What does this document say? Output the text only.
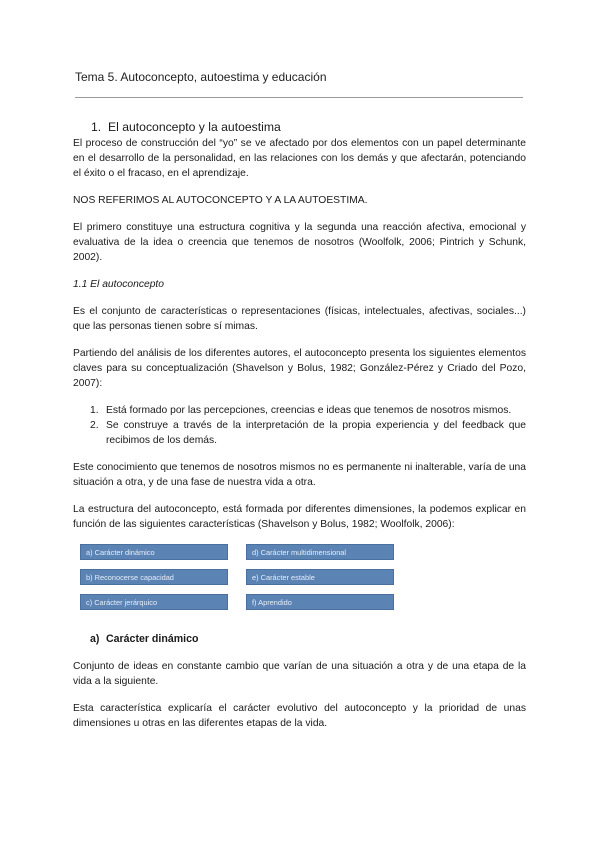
Tema 5. Autoconcepto, autoestima y educación
1. El autoconcepto y la autoestima

El proceso de construcción del “yo” se ve afectado por dos elementos con un papel determinante en el desarrollo de la personalidad, en las relaciones con los demás y que afectarán, potenciando el éxito o el fracaso, en el aprendizaje.

NOS REFERIMOS AL AUTOCONCEPTO Y A LA AUTOESTIMA.

El primero constituye una estructura cognitiva y la segunda una reacción afectiva, emocional y evaluativa de la idea o creencia que tenemos de nosotros (Woolfolk, 2006; Pintrich y Schunk, 2002).

1.1 El autoconcepto

Es el conjunto de características o representaciones (físicas, intelectuales, afectivas, sociales...) que las personas tienen sobre sí mimas.

Partiendo del análisis de los diferentes autores, el autoconcepto presenta los siguientes elementos claves para su conceptualización (Shavelson y Bolus, 1982; González-Pérez y Criado del Pozo, 2007):

1. Está formado por las percepciones, creencias e ideas que tenemos de nosotros mismos.
2. Se construye a través de la interpretación de la propia experiencia y del feedback que recibimos de los demás.

Este conocimiento que tenemos de nosotros mismos no es permanente ni inalterable, varía de una situación a otra, y de una fase de nuestra vida a otra.

La estructura del autoconcepto, está formada por diferentes dimensiones, la podemos explicar en función de las siguientes características (Shavelson y Bolus, 1982; Woolfolk, 2006):

a) Carácter dinámico
b) Reconocerse capacidad
c) Carácter jerárquico
d) Carácter multidimensional
e) Carácter estable
f) Aprendido
a) Carácter dinámico

Conjunto de ideas en constante cambio que varían de una situación a otra y de una etapa de la vida a la siguiente.

Esta característica explicaría el carácter evolutivo del autoconcepto y la prioridad de unas dimensiones u otras en las diferentes etapas de la vida.
